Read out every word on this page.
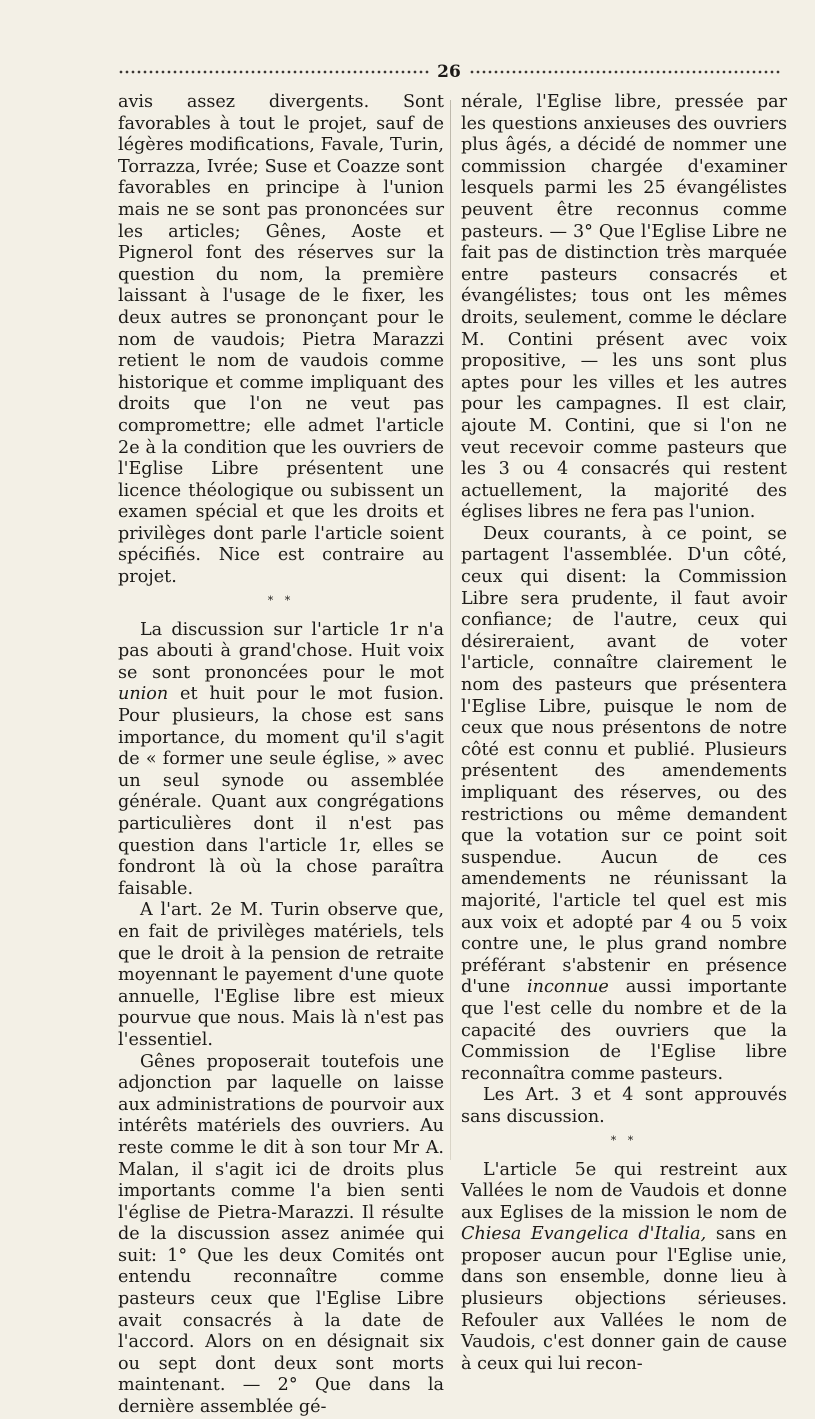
26

avis assez divergents. Sont favorables à tout le projet, sauf de légères modifications, Favale, Turin, Torrazza, Ivrée; Suse et Coazze sont favorables en principe à l'union mais ne se sont pas prononcées sur les articles; Gênes, Aoste et Pignerol font des réserves sur la question du nom, la première laissant à l'usage de le fixer, les deux autres se prononçant pour le nom de vaudois; Pietra Marazzi retient le nom de vaudois comme historique et comme impliquant des droits que l'on ne veut pas compromettre; elle admet l'article 2e à la condition que les ouvriers de l'Eglise Libre présentent une licence théologique ou subissent un examen spécial et que les droits et privilèges dont parle l'article soient spécifiés. Nice est contraire au projet.

* *

La discussion sur l'article 1r n'a pas abouti à grand'chose. Huit voix se sont prononcées pour le mot union et huit pour le mot fusion. Pour plusieurs, la chose est sans importance, du moment qu'il s'agit de « former une seule église, » avec un seul synode ou assemblée générale. Quant aux congrégations particulières dont il n'est pas question dans l'article 1r, elles se fondront là où la chose paraîtra faisable.

A l'art. 2e M. Turin observe que, en fait de privilèges matériels, tels que le droit à la pension de retraite moyennant le payement d'une quote annuelle, l'Eglise libre est mieux pourvue que nous. Mais là n'est pas l'essentiel.

Gênes proposerait toutefois une adjonction par laquelle on laisse aux administrations de pourvoir aux intérêts matériels des ouvriers. Au reste comme le dit à son tour Mr A. Malan, il s'agit ici de droits plus importants comme l'a bien senti l'église de Pietra-Marazzi. Il résulte de la discussion assez animée qui suit: 1° Que les deux Comités ont entendu reconnaître comme pasteurs ceux que l'Eglise Libre avait consacrés à la date de l'accord. Alors on en désignait six ou sept dont deux sont morts maintenant. — 2° Que dans la dernière assemblée gé-

nérale, l'Eglise libre, pressée par les questions anxieuses des ouvriers plus âgés, a décidé de nommer une commission chargée d'examiner lesquels parmi les 25 évangélistes peuvent être reconnus comme pasteurs. — 3° Que l'Eglise Libre ne fait pas de distinction très marquée entre pasteurs consacrés et évangélistes; tous ont les mêmes droits, seulement, comme le déclare M. Contini présent avec voix propositive, — les uns sont plus aptes pour les villes et les autres pour les campagnes. Il est clair, ajoute M. Contini, que si l'on ne veut recevoir comme pasteurs que les 3 ou 4 consacrés qui restent actuellement, la majorité des églises libres ne fera pas l'union.

Deux courants, à ce point, se partagent l'assemblée. D'un côté, ceux qui disent: la Commission Libre sera prudente, il faut avoir confiance; de l'autre, ceux qui désireraient, avant de voter l'article, connaître clairement le nom des pasteurs que présentera l'Eglise Libre, puisque le nom de ceux que nous présentons de notre côté est connu et publié. Plusieurs présentent des amendements impliquant des réserves, ou des restrictions ou même demandent que la votation sur ce point soit suspendue. Aucun de ces amendements ne réunissant la majorité, l'article tel quel est mis aux voix et adopté par 4 ou 5 voix contre une, le plus grand nombre préférant s'abstenir en présence d'une inconnue aussi importante que l'est celle du nombre et de la capacité des ouvriers que la Commission de l'Eglise libre reconnaîtra comme pasteurs.

Les Art. 3 et 4 sont approuvés sans discussion.

* *

L'article 5e qui restreint aux Vallées le nom de Vaudois et donne aux Eglises de la mission le nom de Chiesa Evangelica d'Italia, sans en proposer aucun pour l'Eglise unie, dans son ensemble, donne lieu à plusieurs objections sérieuses. Refouler aux Vallées le nom de Vaudois, c'est donner gain de cause à ceux qui lui recon-
